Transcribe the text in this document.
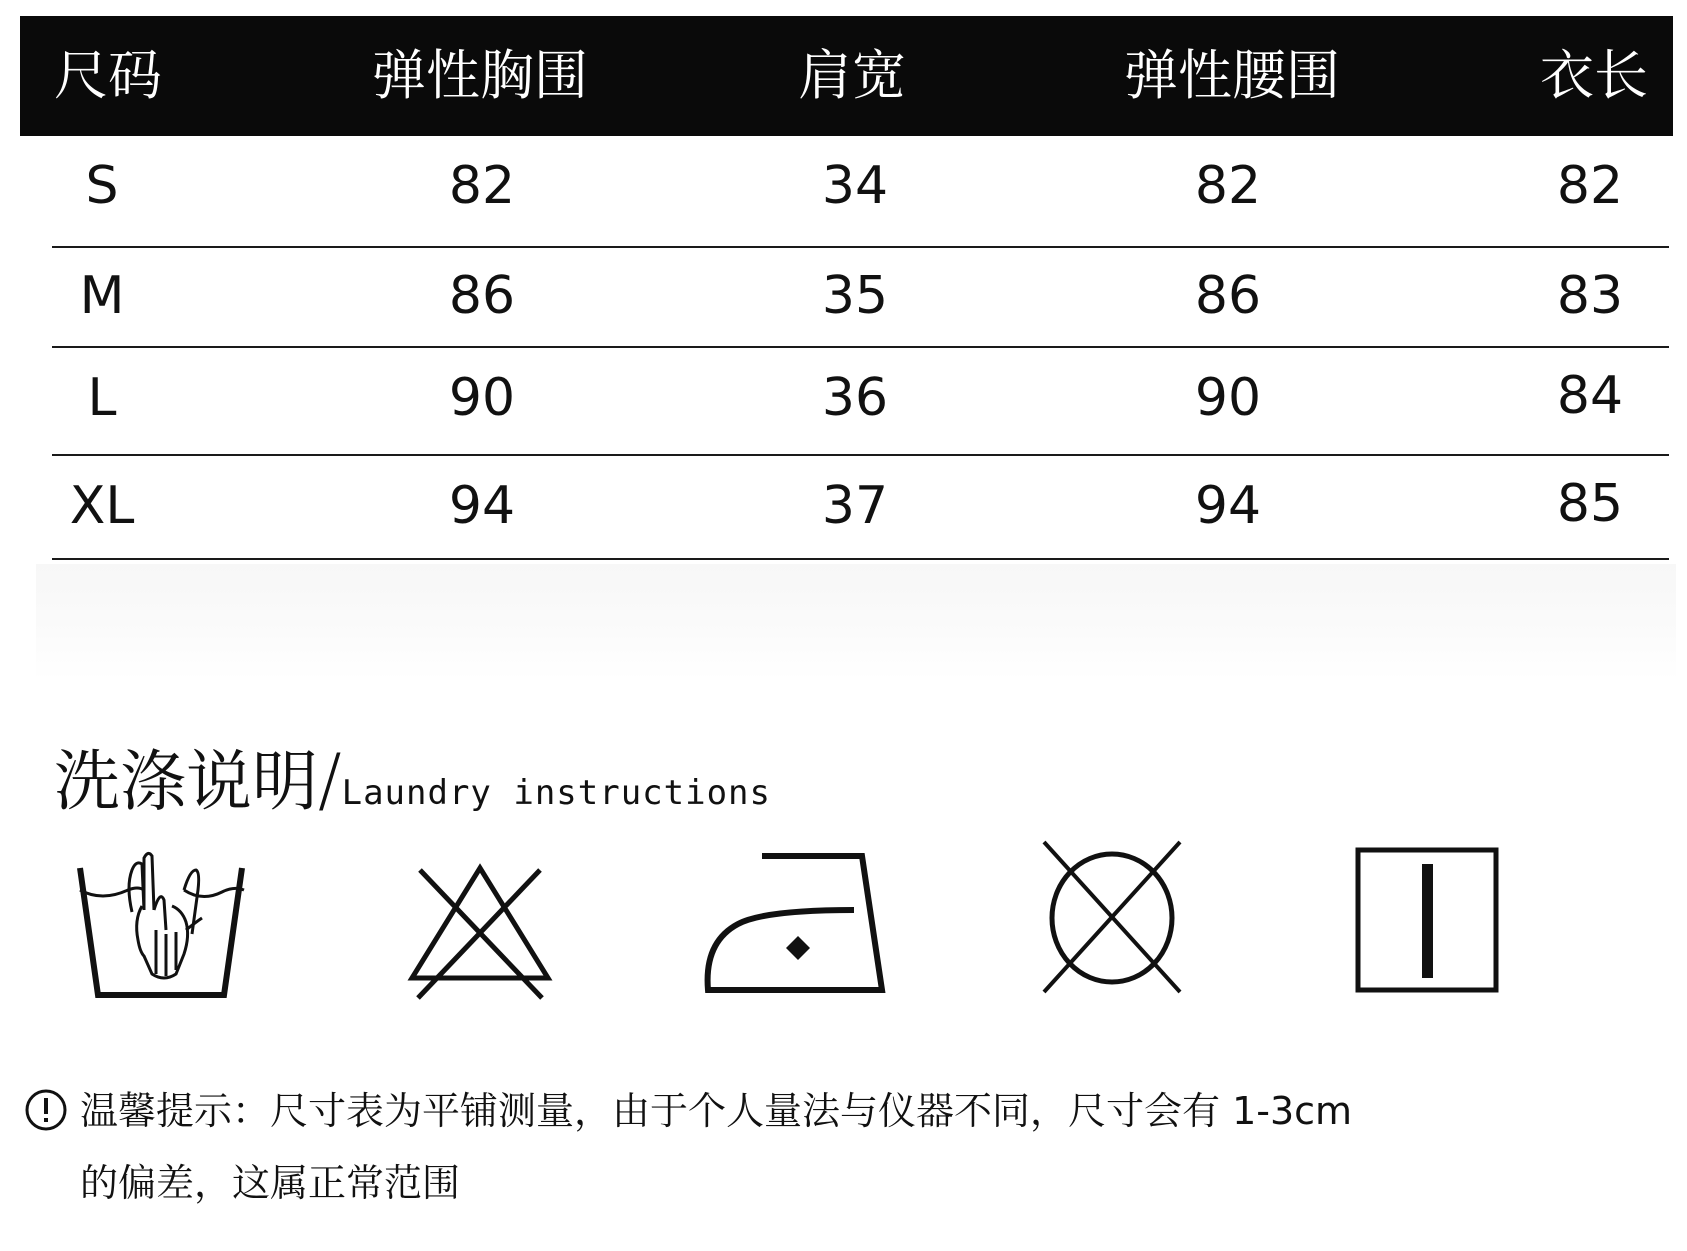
尺码	弹性胸围	肩宽	弹性腰围	衣长
S	82	34	82	82
M	86	35	86	83
L	90	36	90	84
XL	94	37	94	85
洗涤说明/Laundry instructions
温馨提示：尺寸表为平铺测量，由于个人量法与仪器不同，尺寸会有 1-3cm
的偏差，这属正常范围
